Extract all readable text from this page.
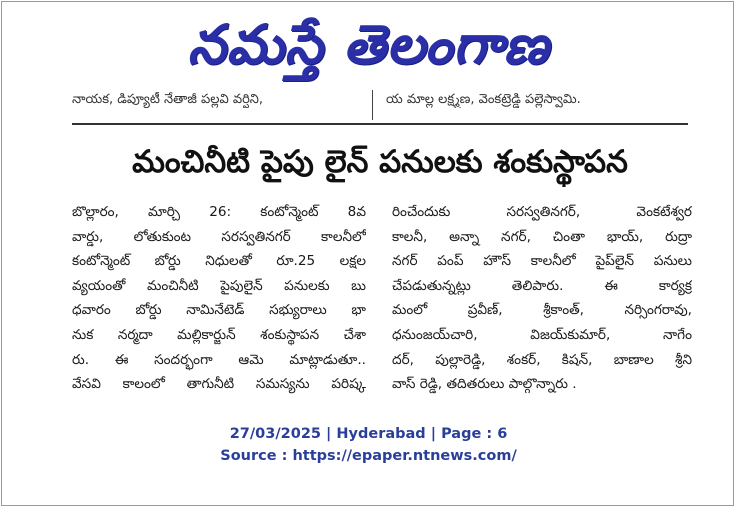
నమస్తే తెలంగాణ
నాయక, డిప్యూటీ నేతాజీ పల్లవి వర్షిని,	య మాల్ల లక్ష్మణ, వెంకట్రెడ్డి పల్లెస్వామి.
మంచినీటి పైపు లైన్ పనులకు శంకుస్థాపన
బొల్లారం, మార్చి 26: కంటోన్మెంట్ 8వ
వార్డు, లోతుకుంట సరస్వతినగర్ కాలనీలో
కంటోన్మెంట్ బోర్డు నిధులతో రూ.25 లక్షల
వ్యయంతో మంచినీటి పైపులైన్ పనులకు బు
ధవారం బోర్డు నామినేటెడ్ సభ్యురాలు భా
నుక నర్మదా మల్లికార్జున్ శంకుస్థాపన చేశా
రు. ఈ సందర్భంగా ఆమె మాట్లాడుతూ..
వేసవి కాలంలో తాగునీటి సమస్యను పరిష్క
రించేందుకు సరస్వతినగర్, వెంకటేశ్వర
కాలనీ, అన్నా నగర్, చింతా భాయ్, రుద్రా
నగర్ పంప్ హౌస్ కాలనీలో పైప్‌లైన్ పనులు
చేపడుతున్నట్లు తెలిపారు. ఈ కార్యక్ర
మంలో ప్రవీణ్, శ్రీకాంత్, నర్సింగరావు,
ధనుంజయ్‌చారి, విజయ్‌కుమార్, నాగేం
దర్, పుల్లారెడ్డి, శంకర్, కిషన్, బాణాల శ్రీని
వాస్ రెడ్డి, తదితరులు పాల్గొన్నారు .
27/03/2025 | Hyderabad | Page : 6
Source : https://epaper.ntnews.com/
